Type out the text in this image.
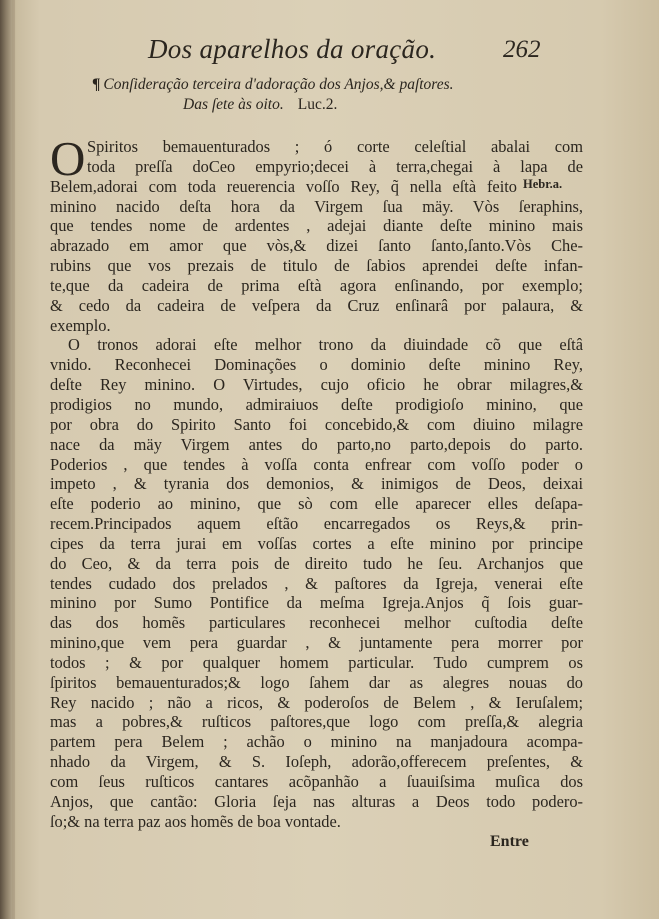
Dos aparelhos da oração.	262
¶ Conſideração terceira d'adoração dos Anjos,& paſtores.
Das ſete às oito. Luc.2.
O Spiritos bemauenturados ; ó corte celeſtial abalai com
toda preſſa doCeo empyrio;decei à terra,chegai à lapa de
Belem,adorai com toda reuerencia voſſo Rey, q̃ nella eſtà feito
minino nacido deſta hora da Virgem ſua mäy. Vòs ſeraphins,
que tendes nome de ardentes , adejai diante deſte minino mais
abrazado em amor que vòs,& dizei ſanto ſanto,ſanto.Vòs Che-
rubins que vos prezais de titulo de ſabios aprendei deſte infan-
te,que da cadeira de prima eſtà agora enſinando, por exemplo;
& cedo da cadeira de veſpera da Cruz enſinarâ por palaura, &
exemplo.
O tronos adorai eſte melhor trono da diuindade cõ que eſtâ
vnido. Reconhecei Dominações o dominio deſte minino Rey,
deſte Rey minino. O Virtudes, cujo oficio he obrar milagres,&
prodigios no mundo, admiraiuos deſte prodigioſo minino, que
por obra do Spirito Santo foi concebido,& com diuino milagre
nace da mäy Virgem antes do parto,no parto,depois do parto.
Poderios , que tendes à voſſa conta enfrear com voſſo poder o
impeto , & tyrania dos demonios, & inimigos de Deos, deixai
eſte poderio ao minino, que sò com elle aparecer elles deſapa-
recem.Principados aquem eſtão encarregados os Reys,& prin-
cipes da terra jurai em voſſas cortes a eſte minino por principe
do Ceo, & da terra pois de direito tudo he ſeu. Archanjos que
tendes cudado dos prelados , & paſtores da Igreja, venerai eſte
minino por Sumo Pontifice da meſma Igreja.Anjos q̃ ſois guar-
das dos homẽs particulares reconhecei melhor cuſtodia deſte
minino,que vem pera guardar , & juntamente pera morrer por
todos ; & por qualquer homem particular. Tudo cumprem os
ſpiritos bemauenturados;& logo ſahem dar as alegres nouas do
Rey nacido ; não a ricos, & poderoſos de Belem , & Ieruſalem;
mas a pobres,& ruſticos paſtores,que logo com preſſa,& alegria
partem pera Belem ; achão o minino na manjadoura acompa-
nhado da Virgem, & S. Ioſeph, adorão,offerecem preſentes, &
com ſeus ruſticos cantares acõpanhão a ſuauiſsima muſica dos
Anjos, que cantão: Gloria ſeja nas alturas a Deos todo podero-
ſo;& na terra paz aos homẽs de boa vontade.
Hebr.a.
Entre
